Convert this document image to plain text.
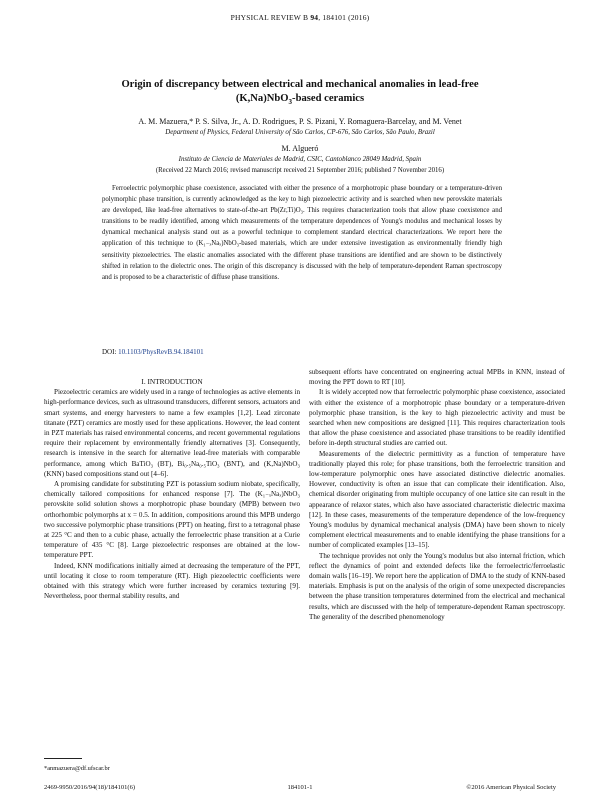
PHYSICAL REVIEW B 94, 184101 (2016)
Origin of discrepancy between electrical and mechanical anomalies in lead-free
(K,Na)NbO$_3$-based ceramics
A. M. Mazuera,* P. S. Silva, Jr., A. D. Rodrigues, P. S. Pizani, Y. Romaguera-Barcelay, and M. Venet
Department of Physics, Federal University of São Carlos, CP-676, São Carlos, São Paulo, Brazil
M. Algueró
Instituto de Ciencia de Materiales de Madrid, CSIC, Cantoblanco 28049 Madrid, Spain
(Received 22 March 2016; revised manuscript received 21 September 2016; published 7 November 2016)
Ferroelectric polymorphic phase coexistence, associated with either the presence of a morphotropic phase boundary or a temperature-driven polymorphic phase transition, is currently acknowledged as the key to high piezoelectric activity and is searched when new perovskite materials are developed, like lead-free alternatives to state-of-the-art Pb(Zr,Ti)O₃. This requires characterization tools that allow phase coexistence and transitions to be readily identified, among which measurements of the temperature dependences of Young's modulus and mechanical losses by dynamical mechanical analysis stand out as a powerful technique to complement standard electrical characterizations. We report here the application of this technique to (K₁₋ₓNaₓ)NbO₃-based materials, which are under extensive investigation as environmentally friendly high sensitivity piezoelectrics. The elastic anomalies associated with the different phase transitions are identified and are shown to be distinctively shifted in relation to the dielectric ones. The origin of this discrepancy is discussed with the help of temperature-dependent Raman spectroscopy and is proposed to be a characteristic of diffuse phase transitions.
DOI: 10.1103/PhysRevB.94.184101

I. INTRODUCTION

Piezoelectric ceramics are widely used in a range of technologies as active elements in high-performance devices, such as ultrasound transducers, different sensors, actuators and smart systems, and energy harvesters to name a few examples [1,2]. Lead zirconate titanate (PZT) ceramics are mostly used for these applications. However, the lead content in PZT materials has raised environmental concerns, and recent governmental regulations require their replacement by environmentally friendly alternatives [3]. Consequently, research is intensive in the search for alternative lead-free materials with comparable performance, among which BaTiO₃ (BT), Bi₀.₅Na₀.₅TiO₃ (BNT), and (K,Na)NbO₃ (KNN) based compositions stand out [4–6].

A promising candidate for substituting PZT is potassium sodium niobate, specifically, chemically tailored compositions for enhanced response [7]. The (K₁₋ₓNaₓ)NbO₃ perovskite solid solution shows a morphotropic phase boundary (MPB) between two orthorhombic polymorphs at x = 0.5. In addition, compositions around this MPB undergo two successive polymorphic phase transitions (PPT) on heating, first to a tetragonal phase at 225 °C and then to a cubic phase, actually the ferroelectric phase transition at a Curie temperature of 435 °C [8]. Large piezoelectric responses are obtained at the low-temperature PPT.

Indeed, KNN modifications initially aimed at decreasing the temperature of the PPT, until locating it close to room temperature (RT). High piezoelectric coefficients were obtained with this strategy which were further increased by ceramics texturing [9]. Nevertheless, poor thermal stability results, and

subsequent efforts have concentrated on engineering actual MPBs in KNN, instead of moving the PPT down to RT [10].

It is widely accepted now that ferroelectric polymorphic phase coexistence, associated with either the existence of a morphotropic phase boundary or a temperature-driven polymorphic phase transition, is the key to high piezoelectric activity and must be searched when new compositions are designed [11]. This requires characterization tools that allow the phase coexistence and associated phase transitions to be readily identified before in-depth structural studies are carried out.

Measurements of the dielectric permittivity as a function of temperature have traditionally played this role; for phase transitions, both the ferroelectric transition and low-temperature polymorphic ones have associated distinctive dielectric anomalies. However, conductivity is often an issue that can complicate their identification. Also, chemical disorder originating from multiple occupancy of one lattice site can result in the appearance of relaxor states, which also have associated characteristic dielectric maxima [12]. In these cases, measurements of the temperature dependence of the low-frequency Young's modulus by dynamical mechanical analysis (DMA) have been shown to nicely complement electrical measurements and to enable identifying the phase transitions for a number of complicated examples [13–15].

The technique provides not only the Young's modulus but also internal friction, which reflect the dynamics of point and extended defects like the ferroelectric/ferroelastic domain walls [16–19]. We report here the application of DMA to the study of KNN-based materials. Emphasis is put on the analysis of the origin of some unexpected discrepancies between the phase transition temperatures determined from the electrical and mechanical results, which are discussed with the help of temperature-dependent Raman spectroscopy. The generality of the described phenomenology

*anmazuera@df.ufscar.br
2469-9950/2016/94(18)/184101(6)	184101-1	©2016 American Physical Society
